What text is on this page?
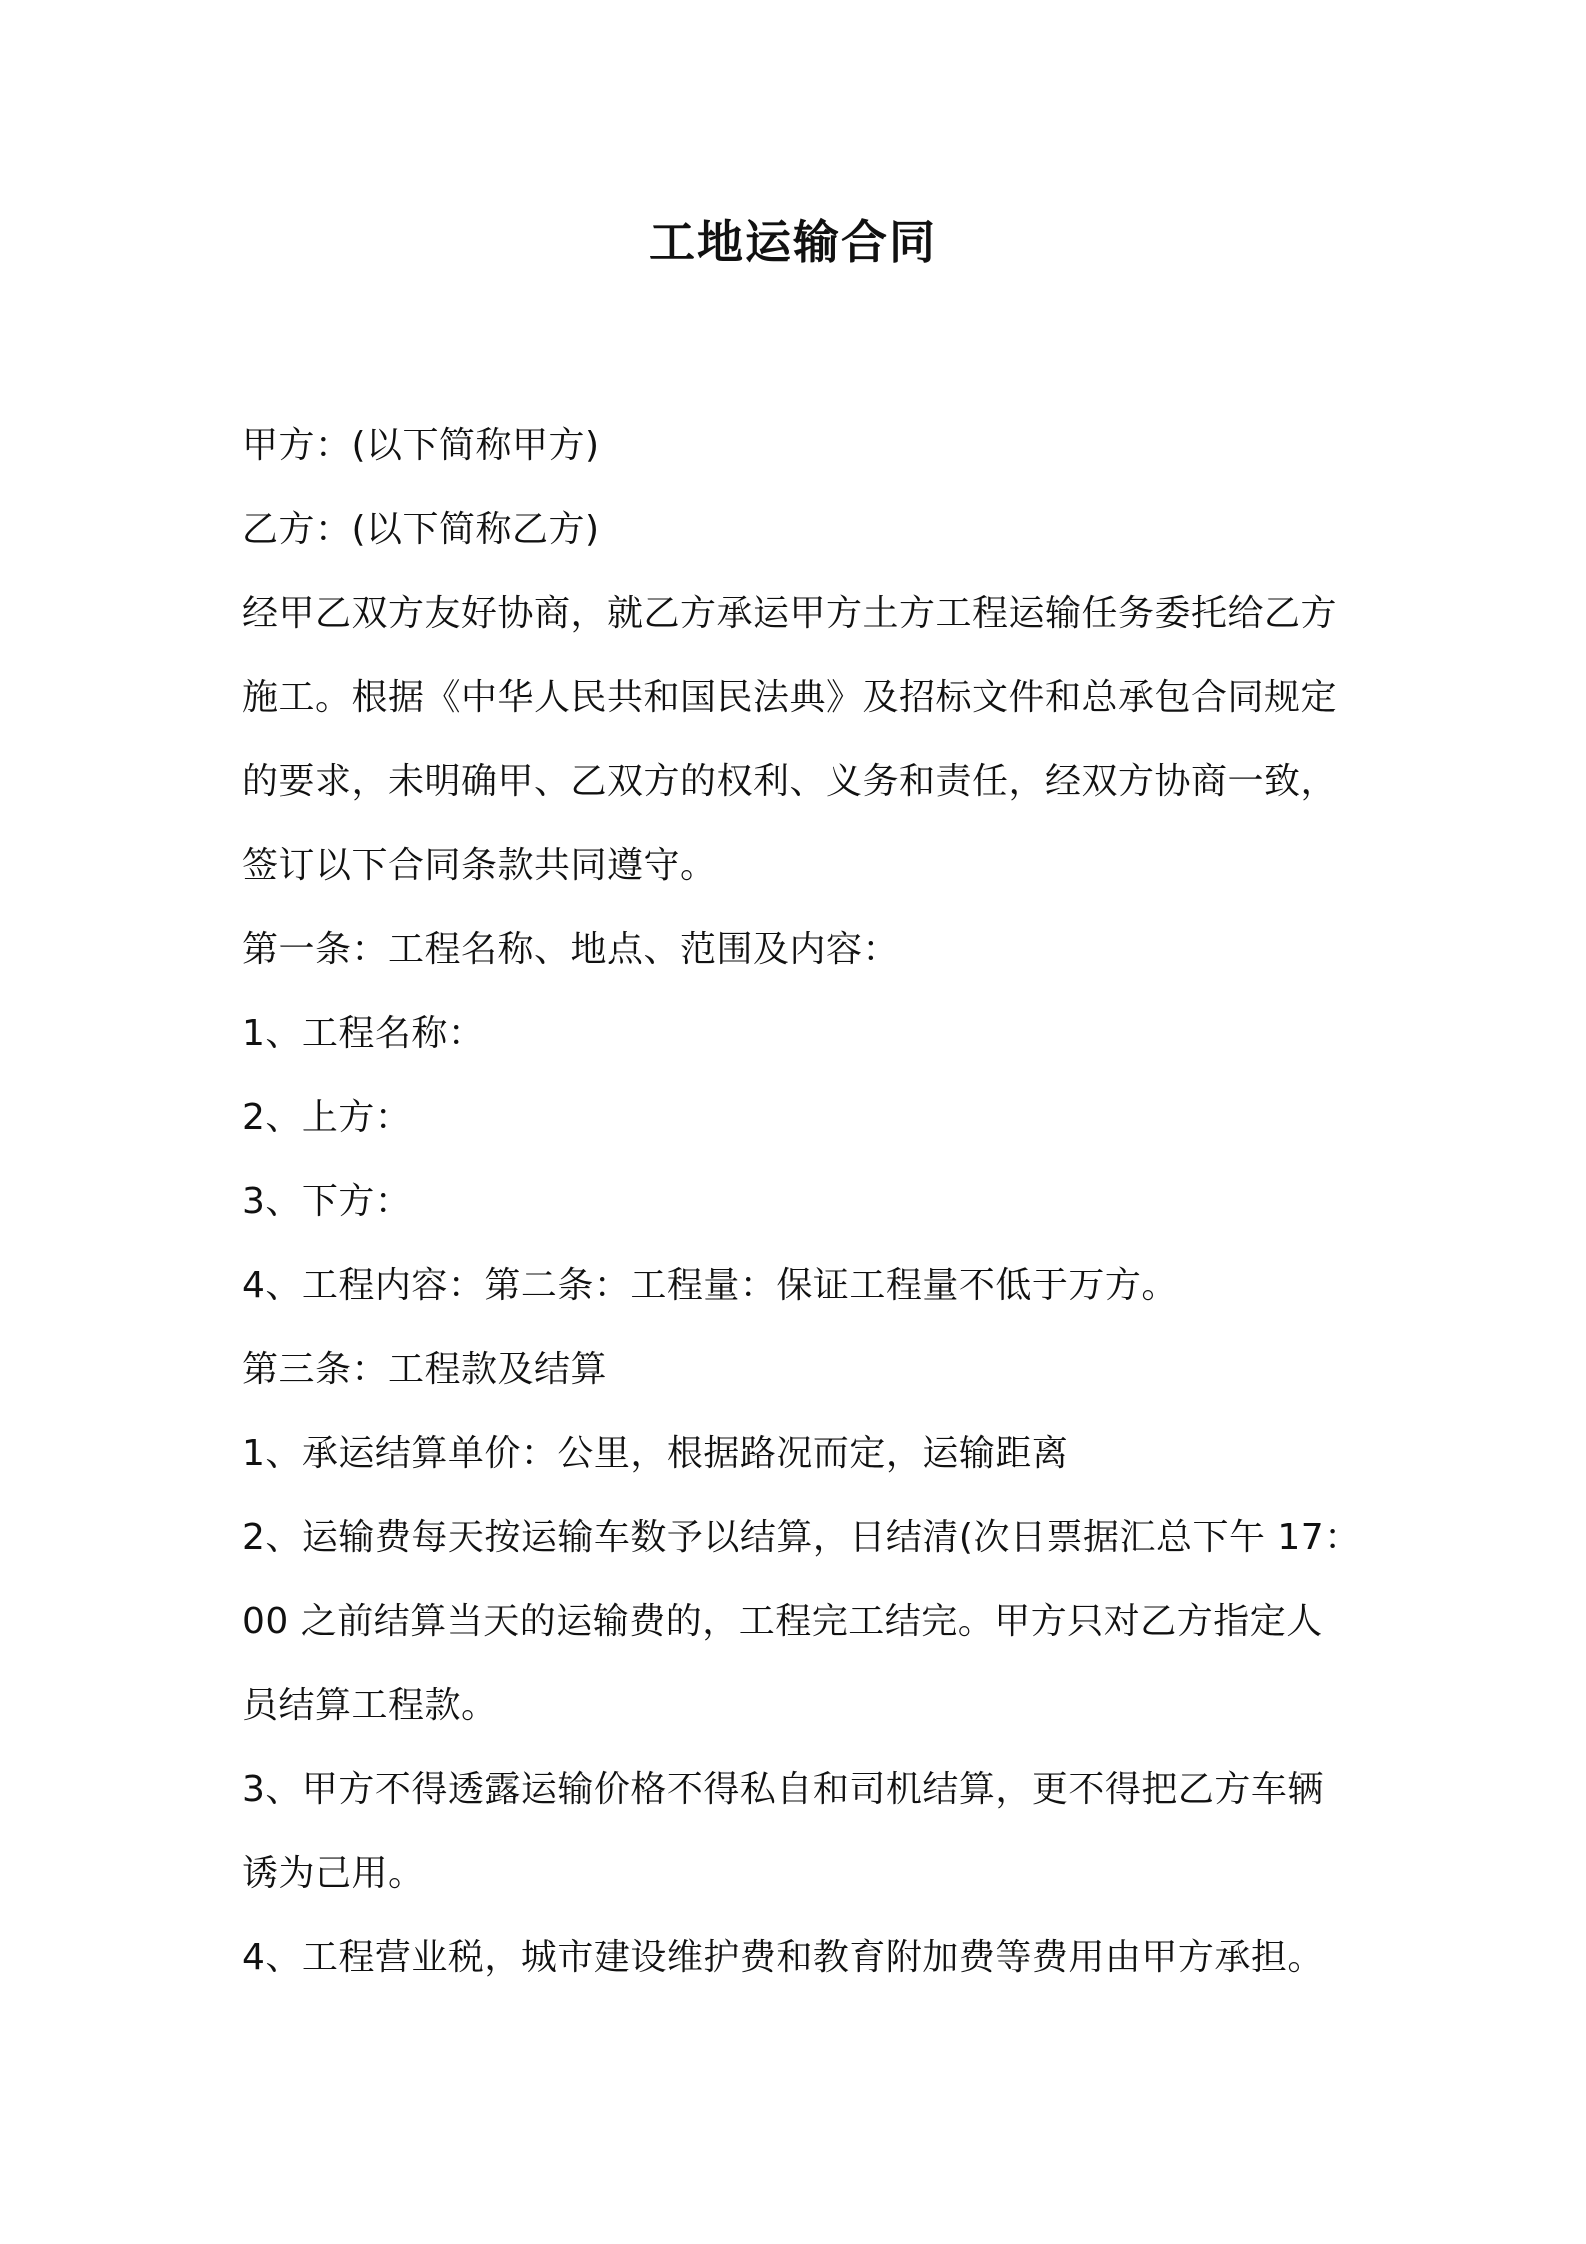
工地运输合同
甲方：(以下简称甲方)
乙方：(以下简称乙方)
经甲乙双方友好协商，就乙方承运甲方土方工程运输任务委托给乙方
施工。根据《中华人民共和国民法典》及招标文件和总承包合同规定
的要求，未明确甲、乙双方的权利、义务和责任，经双方协商一致，
签订以下合同条款共同遵守。
第一条：工程名称、地点、范围及内容：
1、工程名称：
2、上方：
3、下方：
4、工程内容：第二条：工程量：保证工程量不低于万方。
第三条：工程款及结算
1、承运结算单价：公里，根据路况而定，运输距离
2、运输费每天按运输车数予以结算，日结清(次日票据汇总下午 17：
00 之前结算当天的运输费的，工程完工结完。甲方只对乙方指定人
员结算工程款。
3、甲方不得透露运输价格不得私自和司机结算，更不得把乙方车辆
诱为己用。
4、工程营业税，城市建设维护费和教育附加费等费用由甲方承担。
